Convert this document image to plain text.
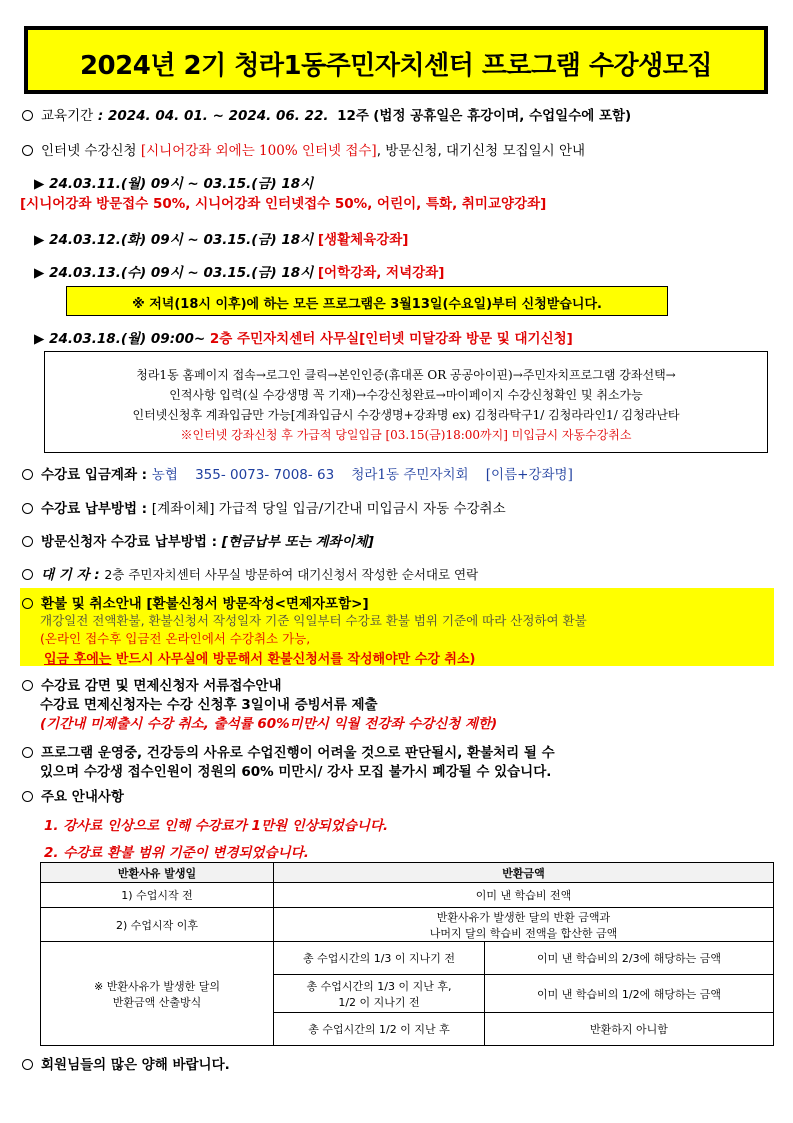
2024년 2기 청라1동주민자치센터 프로그램 수강생모집
교육기간 : 2024. 04. 01. ~ 2024. 06. 22. 12주 (법정 공휴일은 휴강이며, 수업일수에 포함)
인터넷 수강신청 [시니어강좌 외에는 100% 인터넷 접수], 방문신청, 대기신청 모집일시 안내
▶ 24.03.11.(월) 09시 ~ 03.15.(금) 18시
[시니어강좌 방문접수 50%, 시니어강좌 인터넷접수 50%, 어린이, 특화, 취미교양강좌]
▶ 24.03.12.(화) 09시 ~ 03.15.(금) 18시 [생활체육강좌]
▶ 24.03.13.(수) 09시 ~ 03.15.(금) 18시 [어학강좌, 저녁강좌]
※ 저녁(18시 이후)에 하는 모든 프로그램은 3월13일(수요일)부터 신청받습니다.
▶ 24.03.18.(월) 09:00~ 2층 주민자치센터 사무실[인터넷 미달강좌 방문 및 대기신청]
청라1동 홈페이지 접속→로그인 클릭→본인인증(휴대폰 OR 공공아이핀)→주민자치프로그램 강좌선택→
인적사항 입력(실 수강생명 꼭 기재)→수강신청완료→마이페이지 수강신청확인 및 취소가능
인터넷신청후 계좌입금만 가능[계좌입금시 수강생명+강좌명 ex) 김청라탁구1/ 김청라라인1/ 김청라난타
※인터넷 강좌신청 후 가급적 당일입금 [03.15(금)18:00까지] 미입금시 자동수강취소
수강료 입금계좌 : 농협 355- 0073- 7008- 63 청라1동 주민자치회 [이름+강좌명]
수강료 납부방법 : [계좌이체] 가급적 당일 입금/기간내 미입금시 자동 수강취소
방문신청자 수강료 납부방법 : [현금납부 또는 계좌이체]
대 기 자 : 2층 주민자치센터 사무실 방문하여 대기신청서 작성한 순서대로 연락
환불 및 취소안내 [환불신청서 방문작성<면제자포함>]
개강일전 전액환불, 환불신청서 작성일자 기준 익일부터 수강료 환불 범위 기준에 따라 산정하여 환불
(온라인 접수후 입금전 온라인에서 수강취소 가능,
입금 후에는 반드시 사무실에 방문해서 환불신청서를 작성해야만 수강 취소)
수강료 감면 및 면제신청자 서류접수안내
수강료 면제신청자는 수강 신청후 3일이내 증빙서류 제출
(기간내 미제출시 수강 취소, 출석률 60%미만시 익월 전강좌 수강신청 제한)
프로그램 운영중, 건강등의 사유로 수업진행이 어려울 것으로 판단될시, 환불처리 될 수
있으며 수강생 접수인원이 정원의 60% 미만시/ 강사 모집 불가시 폐강될 수 있습니다.
주요 안내사항
1. 강사료 인상으로 인해 수강료가 1만원 인상되었습니다.
2. 수강료 환불 범위 기준이 변경되었습니다.
반환사유 발생일	반환금액	
1) 수업시작 전	이미 낸 학습비 전액	
2) 수업시작 이후	반환사유가 발생한 달의 반환 금액과
나머지 달의 학습비 전액을 합산한 금액	

※ 반환사유가 발생한 달의
반환금액 산출방식	총 수업시간의 1/3 이 지나기 전	이미 낸 학습비의 2/3에 해당하는 금액

	총 수업시간의 1/3 이 지난 후,
1/2 이 지나기 전	이미 낸 학습비의 1/2에 해당하는 금액
	총 수업시간의 1/2 이 지난 후	반환하지 아니함
회원님들의 많은 양해 바랍니다.
